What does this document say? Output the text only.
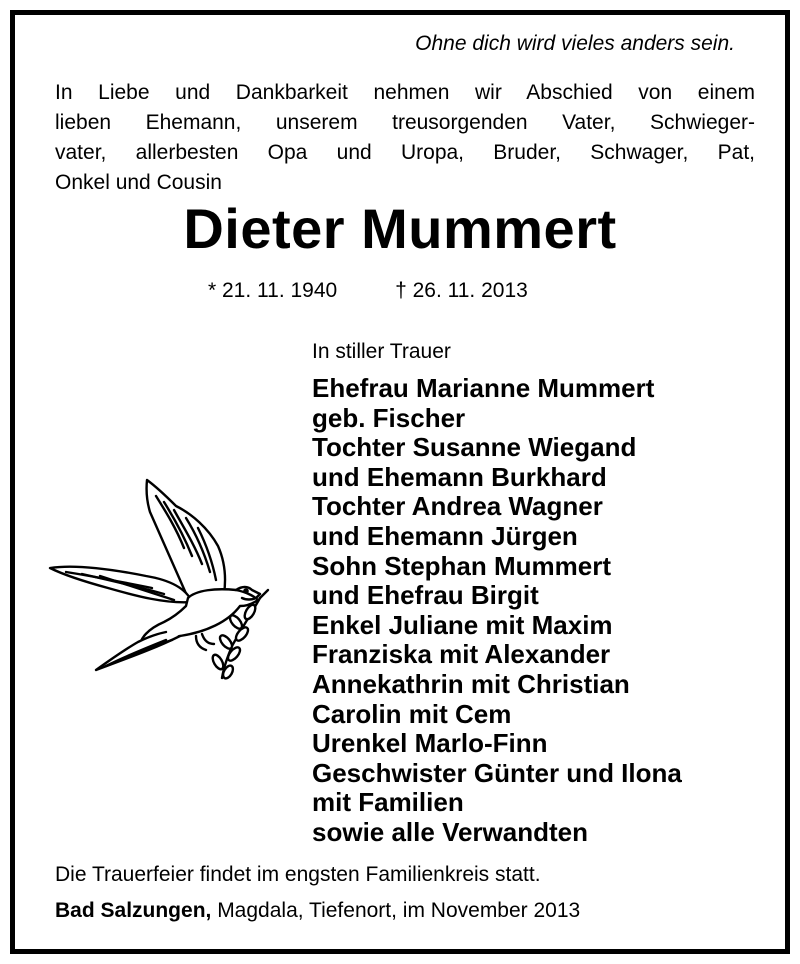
Ohne dich wird vieles anders sein.
In Liebe und Dankbarkeit nehmen wir Abschied von einem
lieben Ehemann, unserem treusorgenden Vater, Schwieger-
vater, allerbesten Opa und Uropa, Bruder, Schwager, Pat,
Onkel und Cousin
Dieter Mummert
* 21. 11. 1940	† 26. 11. 2013
In stiller Trauer
Ehefrau Marianne Mummert
geb. Fischer
Tochter Susanne Wiegand
und Ehemann Burkhard
Tochter Andrea Wagner
und Ehemann Jürgen
Sohn Stephan Mummert
und Ehefrau Birgit
Enkel Juliane mit Maxim
Franziska mit Alexander
Annekathrin mit Christian
Carolin mit Cem
Urenkel Marlo-Finn
Geschwister Günter und Ilona
mit Familien
sowie alle Verwandten
Die Trauerfeier findet im engsten Familienkreis statt.
Bad Salzungen, Magdala, Tiefenort, im November 2013
